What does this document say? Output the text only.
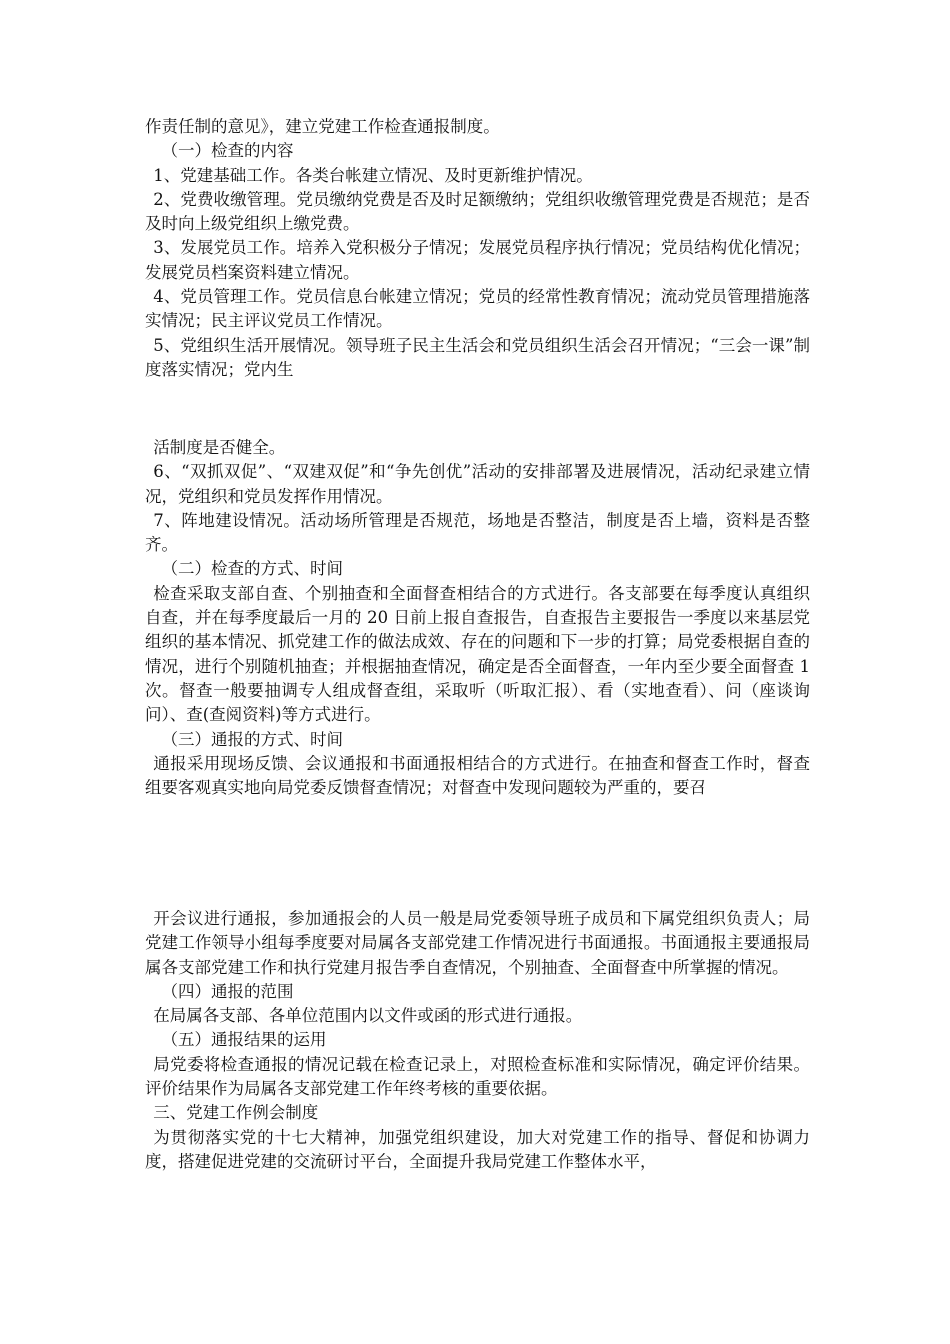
作责任制的意见》，建立党建工作检查通报制度。

（一）检查的内容

1、党建基础工作。各类台帐建立情况、及时更新维护情况。

2、党费收缴管理。党员缴纳党费是否及时足额缴纳；党组织收缴管理党费是否规范；是否及时向上级党组织上缴党费。

3、发展党员工作。培养入党积极分子情况；发展党员程序执行情况；党员结构优化情况；发展党员档案资料建立情况。

4、党员管理工作。党员信息台帐建立情况；党员的经常性教育情况；流动党员管理措施落实情况；民主评议党员工作情况。

5、党组织生活开展情况。领导班子民主生活会和党员组织生活会召开情况；“三会一课”制度落实情况；党内生

活制度是否健全。

6、“双抓双促”、“双建双促”和“争先创优”活动的安排部署及进展情况，活动纪录建立情况，党组织和党员发挥作用情况。

7、阵地建设情况。活动场所管理是否规范，场地是否整洁，制度是否上墙，资料是否整齐。

（二）检查的方式、时间

检查采取支部自查、个别抽查和全面督查相结合的方式进行。各支部要在每季度认真组织自查，并在每季度最后一月的 20 日前上报自查报告，自查报告主要报告一季度以来基层党组织的基本情况、抓党建工作的做法成效、存在的问题和下一步的打算；局党委根据自查的情况，进行个别随机抽查；并根据抽查情况，确定是否全面督查，一年内至少要全面督查 1 次。督查一般要抽调专人组成督查组，采取听（听取汇报）、看（实地查看）、问（座谈询问）、查(查阅资料)等方式进行。

（三）通报的方式、时间

通报采用现场反馈、会议通报和书面通报相结合的方式进行。在抽查和督查工作时，督查组要客观真实地向局党委反馈督查情况；对督查中发现问题较为严重的，要召

开会议进行通报，参加通报会的人员一般是局党委领导班子成员和下属党组织负责人；局党建工作领导小组每季度要对局属各支部党建工作情况进行书面通报。书面通报主要通报局属各支部党建工作和执行党建月报告季自查情况，个别抽查、全面督查中所掌握的情况。

（四）通报的范围

在局属各支部、各单位范围内以文件或函的形式进行通报。

（五）通报结果的运用

局党委将检查通报的情况记载在检查记录上，对照检查标准和实际情况，确定评价结果。评价结果作为局属各支部党建工作年终考核的重要依据。

三、党建工作例会制度

为贯彻落实党的十七大精神，加强党组织建设，加大对党建工作的指导、督促和协调力度，搭建促进党建的交流研讨平台，全面提升我局党建工作整体水平，
